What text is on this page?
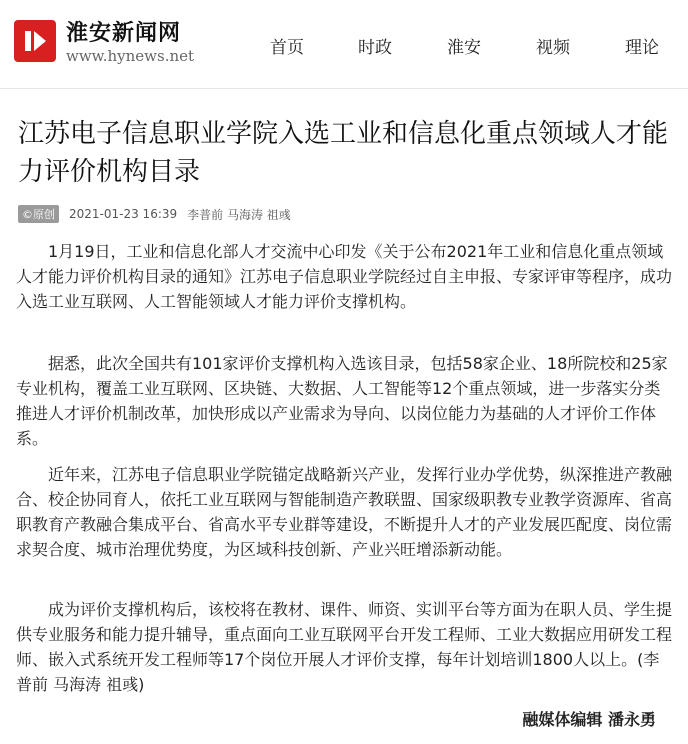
淮安新闻网
www.hynews.net	首页	时政	淮安	视频	理论
江苏电子信息职业学院入选工业和信息化重点领域人才能力评价机构目录
©原创	2021-01-23 16:39 李普前 马海涛 祖彧

1月19日，工业和信息化部人才交流中心印发《关于公布2021年工业和信息化重点领域人才能力评价机构目录的通知》江苏电子信息职业学院经过自主申报、专家评审等程序，成功入选工业互联网、人工智能领域人才能力评价支撑机构。

据悉，此次全国共有101家评价支撑机构入选该目录，包括58家企业、18所院校和25家专业机构，覆盖工业互联网、区块链、大数据、人工智能等12个重点领域，进一步落实分类推进人才评价机制改革，加快形成以产业需求为导向、以岗位能力为基础的人才评价工作体系。

近年来，江苏电子信息职业学院锚定战略新兴产业，发挥行业办学优势，纵深推进产教融合、校企协同育人，依托工业互联网与智能制造产教联盟、国家级职教专业教学资源库、省高职教育产教融合集成平台、省高水平专业群等建设，不断提升人才的产业发展匹配度、岗位需求契合度、城市治理优势度，为区域科技创新、产业兴旺增添新动能。

成为评价支撑机构后，该校将在教材、课件、师资、实训平台等方面为在职人员、学生提供专业服务和能力提升辅导，重点面向工业互联网平台开发工程师、工业大数据应用研发工程师、嵌入式系统开发工程师等17个岗位开展人才评价支撑，每年计划培训1800人以上。(李普前 马海涛 祖彧)

融媒体编辑 潘永勇
